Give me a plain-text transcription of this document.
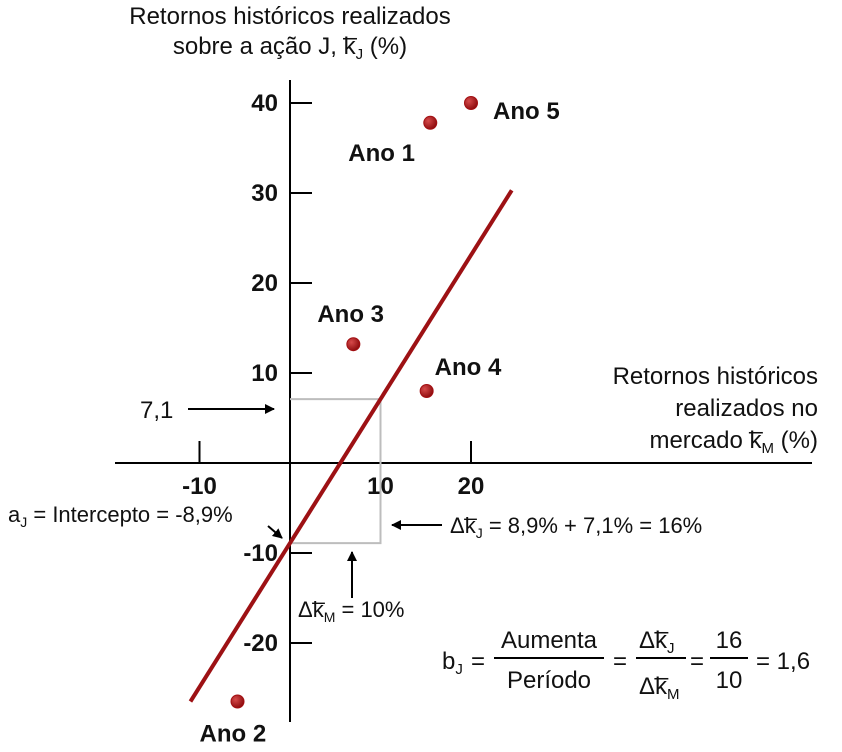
Retornos históricos realizados
sobre a ação J, $k̅_J$ (%)
Retornos históricos
realizados no
mercado $k̅_M$ (%)
-10	10	20
40
30
20
10
-10
-20
Ano 1
Ano 2
Ano 3
Ano 5
Ano 4
7,1
$a_J$ = Intercepto = -8,9%	$\Delta k̅_J = 8,9\% + 7,1\% = 16\%$
$\Delta k̅_M = 10\%$
$b_J$ =
Aumenta
Período
=
$\Delta k̅_J$
$\Delta k̅_M$
=
16
10
= 1,6
